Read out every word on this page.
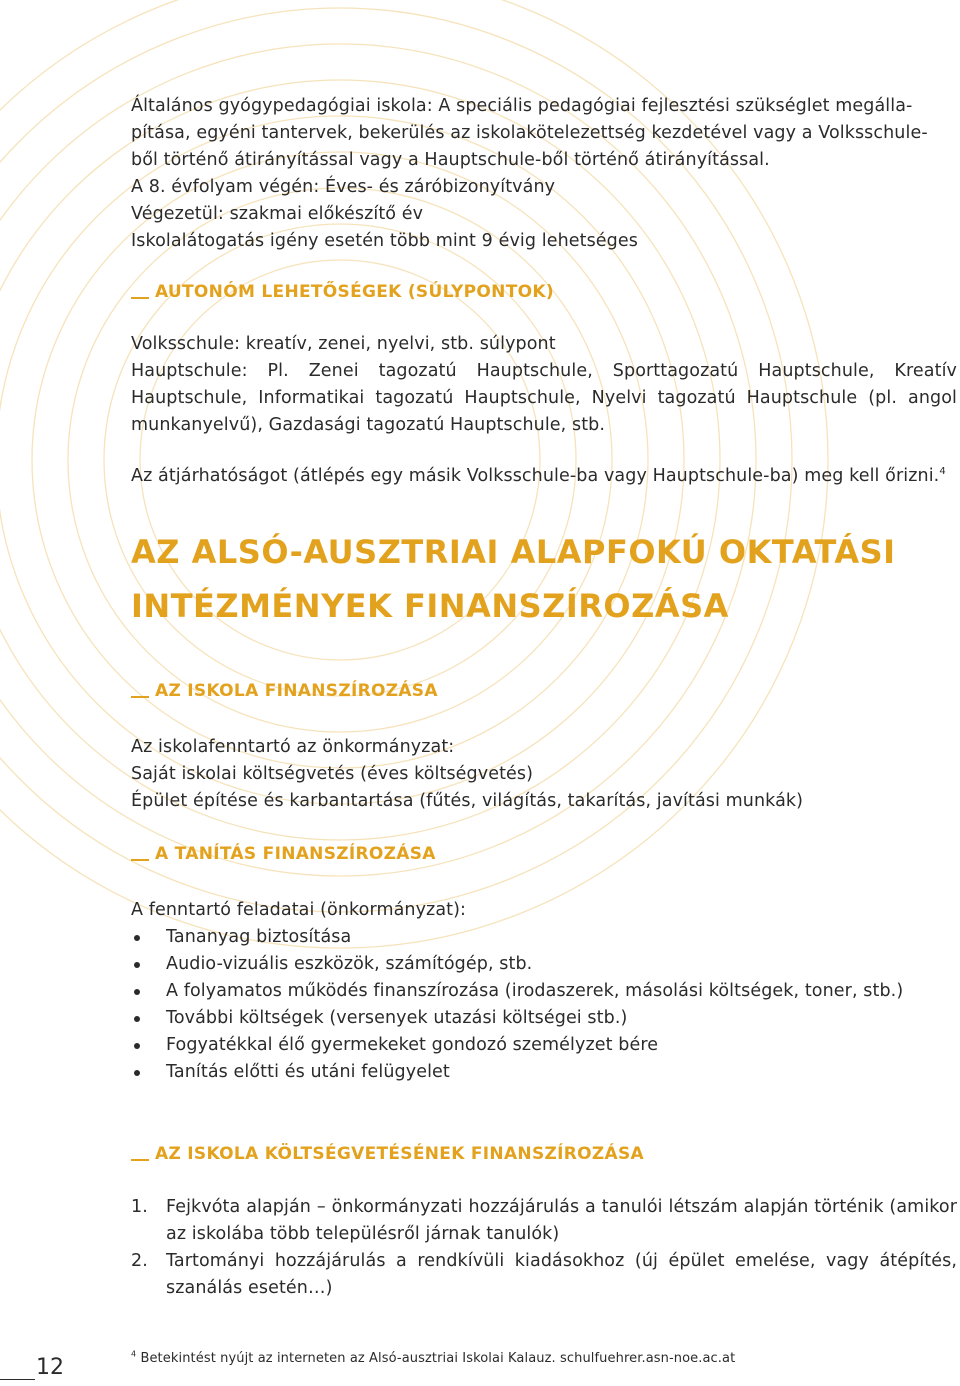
Általános gyógypedagógiai iskola: A speciális pedagógiai fejlesztési szükséglet megálla-

pítása, egyéni tantervek, bekerülés az iskolakötelezettség kezdetével vagy a Volksschule-

ből történő átirányítással vagy a Hauptschule-ből történő átirányítással.

A 8. évfolyam végén: Éves- és záróbizonyítvány

Végezetül: szakmai előkészítő év

Iskolalátogatás igény esetén több mint 9 évig lehetséges

AUTONÓM LEHETŐSÉGEK (SÚLYPONTOK)

Volksschule: kreatív, zenei, nyelvi, stb. súlypont

Hauptschule: Pl. Zenei tagozatú Hauptschule, Sporttagozatú Hauptschule, Kreatív Hauptschule, Informatikai tagozatú Hauptschule, Nyelvi tagozatú Hauptschule (pl. angol munkanyelvű), Gazdasági tagozatú Hauptschule, stb.

Az átjárhatóságot (átlépés egy másik Volksschule-ba vagy Hauptschule-ba) meg kell őrizni.$^4$

AZ ALSÓ-AUSZTRIAI ALAPFOKÚ OKTATÁSI
INTÉZMÉNYEK FINANSZÍROZÁSA
AZ ISKOLA FINANSZÍROZÁSA

Az iskolafenntartó az önkormányzat:

Saját iskolai költségvetés (éves költségvetés)

Épület építése és karbantartása (fűtés, világítás, takarítás, javítási munkák)

A TANÍTÁS FINANSZÍROZÁSA

A fenntartó feladatai (önkormányzat):

Tananyag biztosítása
Audio-vizuális eszközök, számítógép, stb.
A folyamatos működés finanszírozása (irodaszerek, másolási költségek, toner, stb.)
További költségek (versenyek utazási költségei stb.)
Fogyatékkal élő gyermekeket gondozó személyzet bére
Tanítás előtti és utáni felügyelet
AZ ISKOLA KÖLTSÉGVETÉSÉNEK FINANSZÍROZÁSA
1. Fejkvóta alapján – önkormányzati hozzájárulás a tanulói létszám alapján történik (amikor az iskolába több településről járnak tanulók)
2. Tartományi hozzájárulás a rendkívüli kiadásokhoz (új épület emelése, vagy átépítés, szanálás esetén…)
$^4$ Betekintést nyújt az interneten az Alsó-ausztriai Iskolai Kalauz. schulfuehrer.asn-noe.ac.at
12
